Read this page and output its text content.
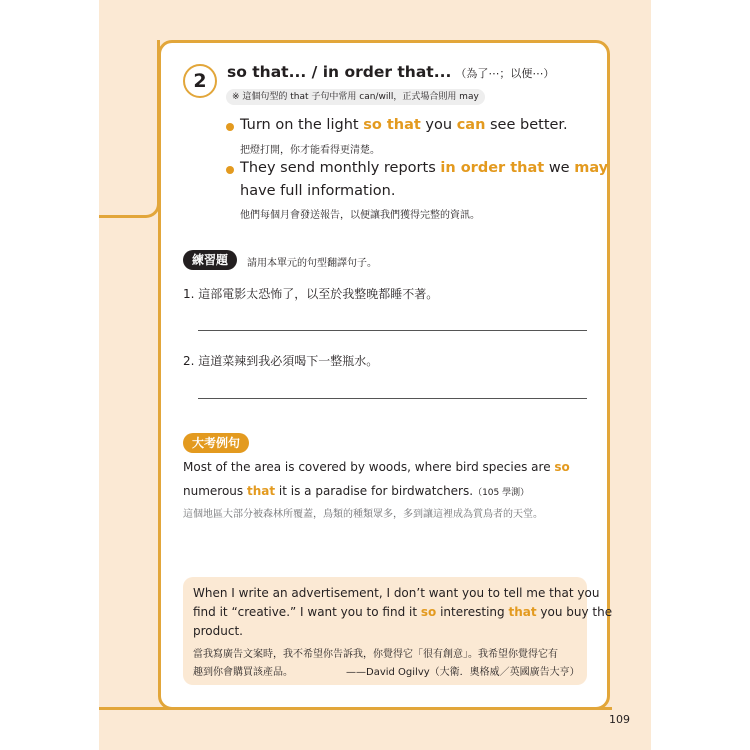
2	so that... / in order that... （為了⋯；以便⋯）
※ 這個句型的 that 子句中常用 can/will，正式場合則用 may
Turn on the light so that you can see better.
把燈打開，你才能看得更清楚。
They send monthly reports in order that we may
have full information.
他們每個月會發送報告，以便讓我們獲得完整的資訊。
練習題	請用本單元的句型翻譯句子。
1. 這部電影太恐怖了，以至於我整晚都睡不著。
2. 這道菜辣到我必須喝下一整瓶水。
大考例句
Most of the area is covered by woods, where bird species are so
numerous that it is a paradise for birdwatchers.（105 學測）
這個地區大部分被森林所覆蓋，鳥類的種類眾多，多到讓這裡成為賞鳥者的天堂。
When I write an advertisement, I don’t want you to tell me that you
find it “creative.” I want you to find it so interesting that you buy the
product.
當我寫廣告文案時，我不希望你告訴我，你覺得它「很有創意」。我希望你覺得它有
趣到你會購買該產品。	——David Ogilvy（大衛．奧格威／英國廣告大亨）
109
